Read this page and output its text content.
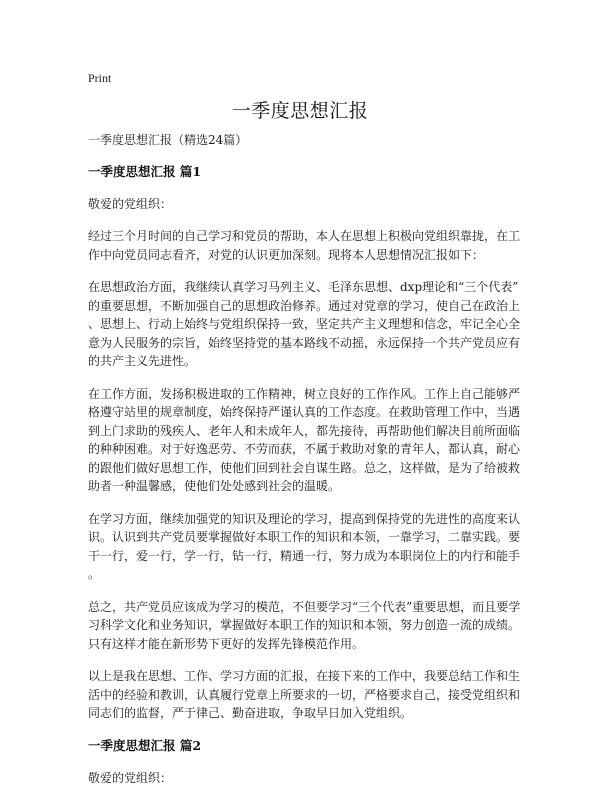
Print
一季度思想汇报

一季度思想汇报（精选24篇）

一季度思想汇报 篇1

敬爱的党组织：

经过三个月时间的自己学习和党员的帮助，本人在思想上积极向党组织靠拢，在工
作中向党员同志看齐，对党的认识更加深刻。现将本人思想情况汇报如下：

在思想政治方面，我继续认真学习马列主义、毛泽东思想、dxp理论和“三个代表”
的重要思想，不断加强自己的思想政治修养。通过对党章的学习，使自己在政治上
、思想上、行动上始终与党组织保持一致，坚定共产主义理想和信念，牢记全心全
意为人民服务的宗旨，始终坚持党的基本路线不动摇，永远保持一个共产党员应有
的共产主义先进性。

在工作方面，发扬积极进取的工作精神，树立良好的工作作风。工作上自己能够严
格遵守站里的规章制度，始终保持严谨认真的工作态度。在救助管理工作中，当遇
到上门求助的残疾人、老年人和未成年人，都先接待，再帮助他们解决目前所面临
的种种困难。对于好逸恶劳、不劳而获，不属于救助对象的青年人，都认真，耐心
的跟他们做好思想工作，使他们回到社会自谋生路。总之，这样做，是为了给被救
助者一种温馨感，使他们处处感到社会的温暖。

在学习方面，继续加强党的知识及理论的学习，提高到保持党的先进性的高度来认
识。认识到共产党员要掌握做好本职工作的知识和本领，一靠学习，二靠实践。要
干一行，爱一行，学一行，钻一行，精通一行，努力成为本职岗位上的内行和能手
。

总之，共产党员应该成为学习的模范，不但要学习“三个代表”重要思想，而且要学
习科学文化和业务知识，掌握做好本职工作的知识和本领，努力创造一流的成绩。
只有这样才能在新形势下更好的发挥先锋模范作用。

以上是我在思想、工作、学习方面的汇报，在接下来的工作中，我要总结工作和生
活中的经验和教训，认真履行党章上所要求的一切，严格要求自己，接受党组织和
同志们的监督，严于律己、勤奋进取，争取早日加入党组织。

一季度思想汇报 篇2

敬爱的党组织：
